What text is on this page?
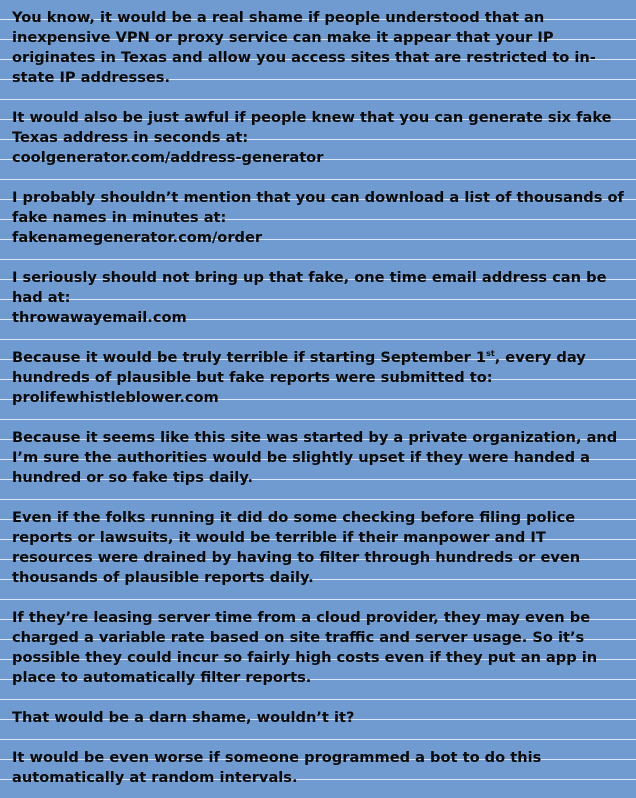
You know, it would be a real shame if people understood that an
inexpensive VPN or proxy service can make it appear that your IP
originates in Texas and allow you access sites that are restricted to in-
state IP addresses.
It would also be just awful if people knew that you can generate six fake
Texas address in seconds at:
coolgenerator.com/address-generator
I probably shouldn’t mention that you can download a list of thousands of
fake names in minutes at:
fakenamegenerator.com/order
I seriously should not bring up that fake, one time email address can be
had at:
throwawayemail.com
Because it would be truly terrible if starting September 1st, every day
hundreds of plausible but fake reports were submitted to:
prolifewhistleblower.com
Because it seems like this site was started by a private organization, and
I’m sure the authorities would be slightly upset if they were handed a
hundred or so fake tips daily.
Even if the folks running it did do some checking before filing police
reports or lawsuits, it would be terrible if their manpower and IT
resources were drained by having to filter through hundreds or even
thousands of plausible reports daily.
If they’re leasing server time from a cloud provider, they may even be
charged a variable rate based on site traffic and server usage. So it’s
possible they could incur so fairly high costs even if they put an app in
place to automatically filter reports.
That would be a darn shame, wouldn’t it?
It would be even worse if someone programmed a bot to do this
automatically at random intervals.
